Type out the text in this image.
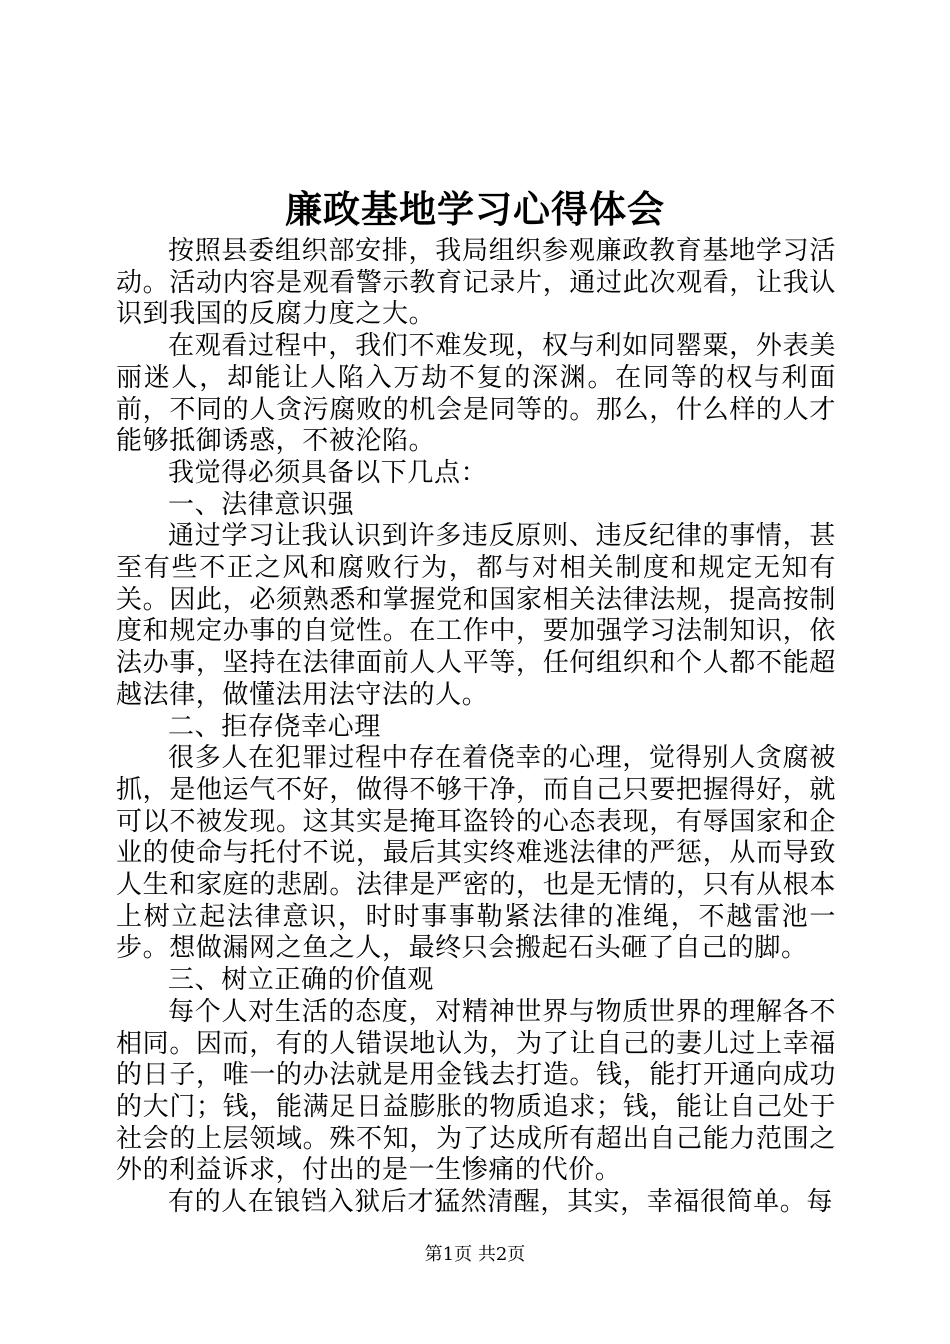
廉政基地学习心得体会

按照县委组织部安排，我局组织参观廉政教育基地学习活动。活动内容是观看警示教育记录片，通过此次观看，让我认识到我国的反腐力度之大。

在观看过程中，我们不难发现，权与利如同罂粟，外表美丽迷人，却能让人陷入万劫不复的深渊。在同等的权与利面前，不同的人贪污腐败的机会是同等的。那么，什么样的人才能够抵御诱惑，不被沦陷。

我觉得必须具备以下几点：

一、法律意识强

通过学习让我认识到许多违反原则、违反纪律的事情，甚至有些不正之风和腐败行为，都与对相关制度和规定无知有关。因此，必须熟悉和掌握党和国家相关法律法规，提高按制度和规定办事的自觉性。在工作中，要加强学习法制知识，依法办事，坚持在法律面前人人平等，任何组织和个人都不能超越法律，做懂法用法守法的人。

二、拒存侥幸心理

很多人在犯罪过程中存在着侥幸的心理，觉得别人贪腐被抓，是他运气不好，做得不够干净，而自己只要把握得好，就可以不被发现。这其实是掩耳盗铃的心态表现，有辱国家和企业的使命与托付不说，最后其实终难逃法律的严惩，从而导致人生和家庭的悲剧。法律是严密的，也是无情的，只有从根本上树立起法律意识，时时事事勒紧法律的准绳，不越雷池一步。想做漏网之鱼之人，最终只会搬起石头砸了自己的脚。

三、树立正确的价值观

每个人对生活的态度，对精神世界与物质世界的理解各不相同。因而，有的人错误地认为，为了让自己的妻儿过上幸福的日子，唯一的办法就是用金钱去打造。钱，能打开通向成功的大门；钱，能满足日益膨胀的物质追求；钱，能让自己处于社会的上层领域。殊不知，为了达成所有超出自己能力范围之外的利益诉求，付出的是一生惨痛的代价。

有的人在锒铛入狱后才猛然清醒，其实，幸福很简单。每

第1页 共2页
